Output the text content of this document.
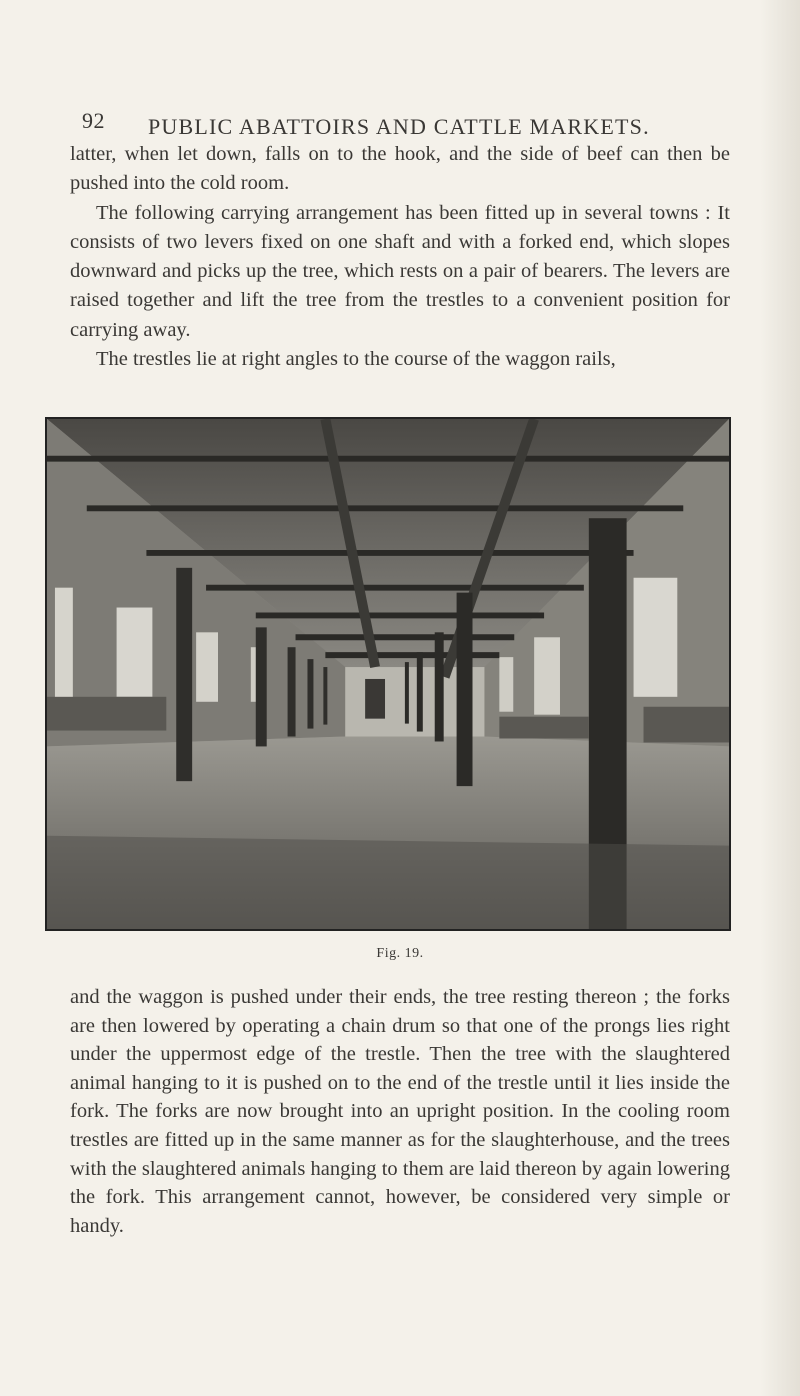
92 PUBLIC ABATTOIRS AND CATTLE MARKETS.

latter, when let down, falls on to the hook, and the side of beef can then be pushed into the cold room.

The following carrying arrangement has been fitted up in several towns : It consists of two levers fixed on one shaft and with a forked end, which slopes downward and picks up the tree, which rests on a pair of bearers. The levers are raised together and lift the tree from the trestles to a convenient position for carrying away.

The trestles lie at right angles to the course of the waggon rails,

Fig. 19.

and the waggon is pushed under their ends, the tree resting thereon ; the forks are then lowered by operating a chain drum so that one of the prongs lies right under the uppermost edge of the trestle. Then the tree with the slaughtered animal hanging to it is pushed on to the end of the trestle until it lies inside the fork. The forks are now brought into an upright position. In the cooling room trestles are fitted up in the same manner as for the slaughterhouse, and the trees with the slaughtered animals hanging to them are laid thereon by again lowering the fork. This arrangement cannot, however, be considered very simple or handy.
